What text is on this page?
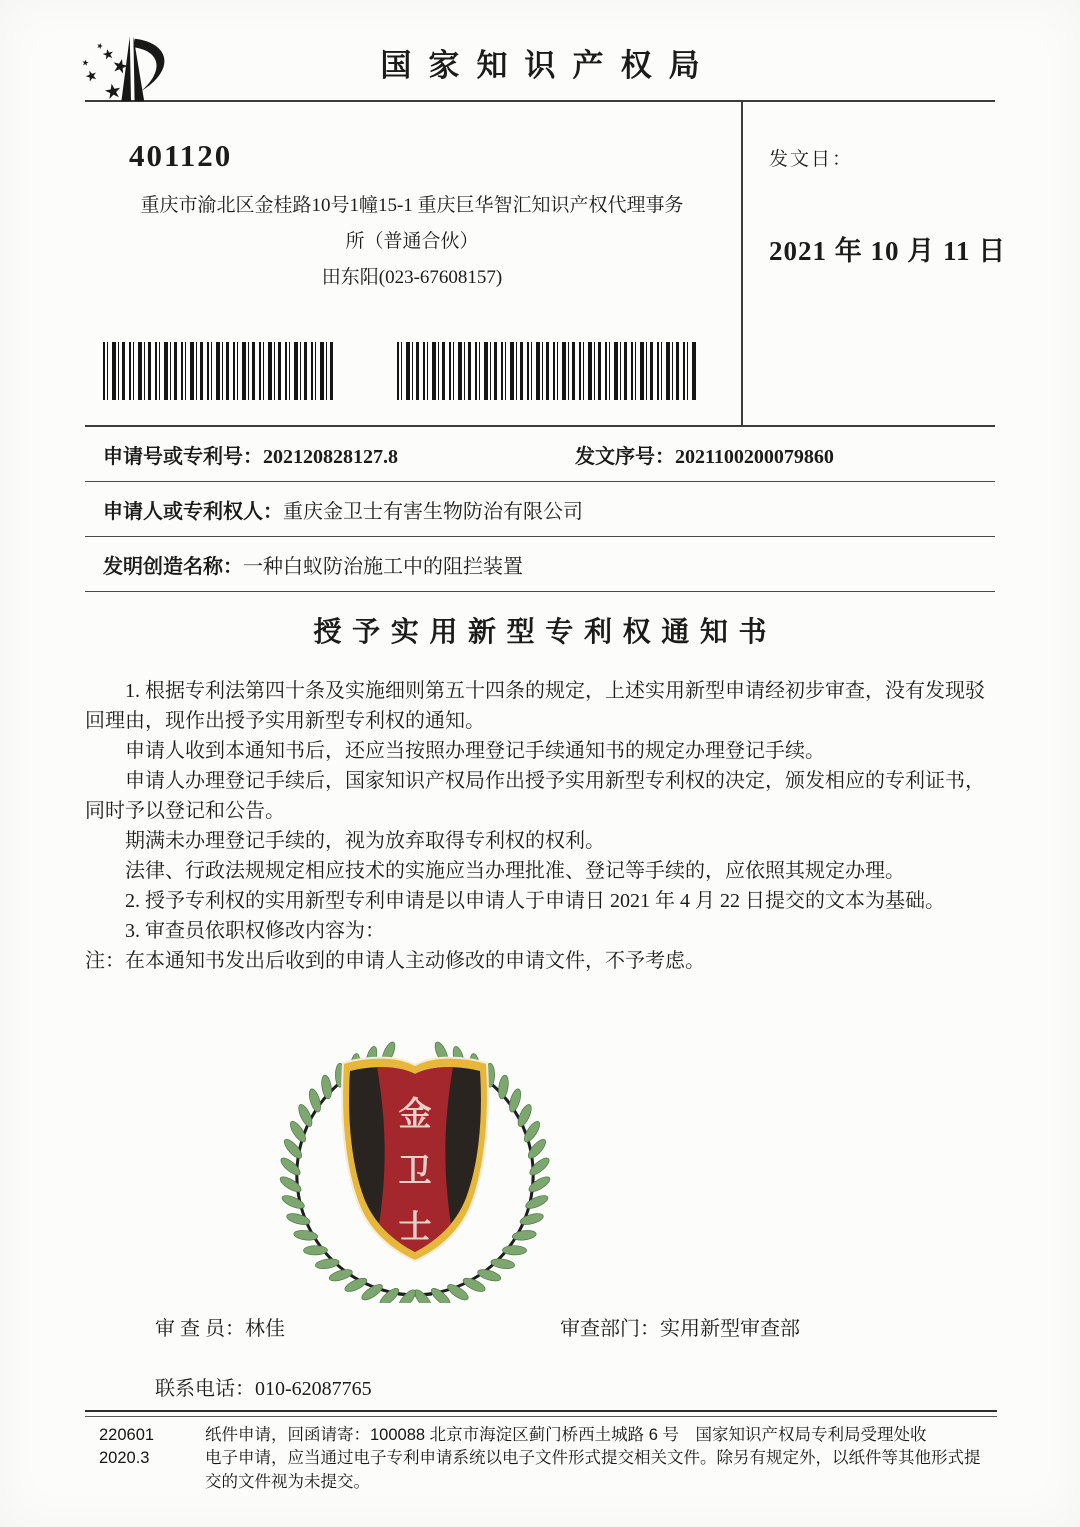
国家知识产权局
401120
重庆市渝北区金桂路10号1幢15-1 重庆巨华智汇知识产权代理事务
所（普通合伙）
田东阳(023-67608157)
发文日：
2021 年 10 月 11 日
申请号或专利号：202120828127.8	发文序号：2021100200079860
申请人或专利权人： 重庆金卫士有害生物防治有限公司
发明创造名称： 一种白蚁防治施工中的阻拦装置
授予实用新型专利权通知书

1. 根据专利法第四十条及实施细则第五十四条的规定，上述实用新型申请经初步审查，没有发现驳回理由，现作出授予实用新型专利权的通知。

申请人收到本通知书后，还应当按照办理登记手续通知书的规定办理登记手续。

申请人办理登记手续后，国家知识产权局作出授予实用新型专利权的决定，颁发相应的专利证书，同时予以登记和公告。

期满未办理登记手续的，视为放弃取得专利权的权利。

法律、行政法规规定相应技术的实施应当办理批准、登记等手续的，应依照其规定办理。

2. 授予专利权的实用新型专利申请是以申请人于申请日 2021 年 4 月 22 日提交的文本为基础。

3. 审查员依职权修改内容为：

注：在本通知书发出后收到的申请人主动修改的申请文件，不予考虑。

金
卫
士
审 查 员：林佳	审查部门：实用新型审查部
联系电话：010-62087765
220601
2020.3
纸件申请，回函请寄：100088 北京市海淀区蓟门桥西土城路 6 号　国家知识产权局专利局受理处收
电子申请，应当通过电子专利申请系统以电子文件形式提交相关文件。除另有规定外，以纸件等其他形式提交的文件视为未提交。
